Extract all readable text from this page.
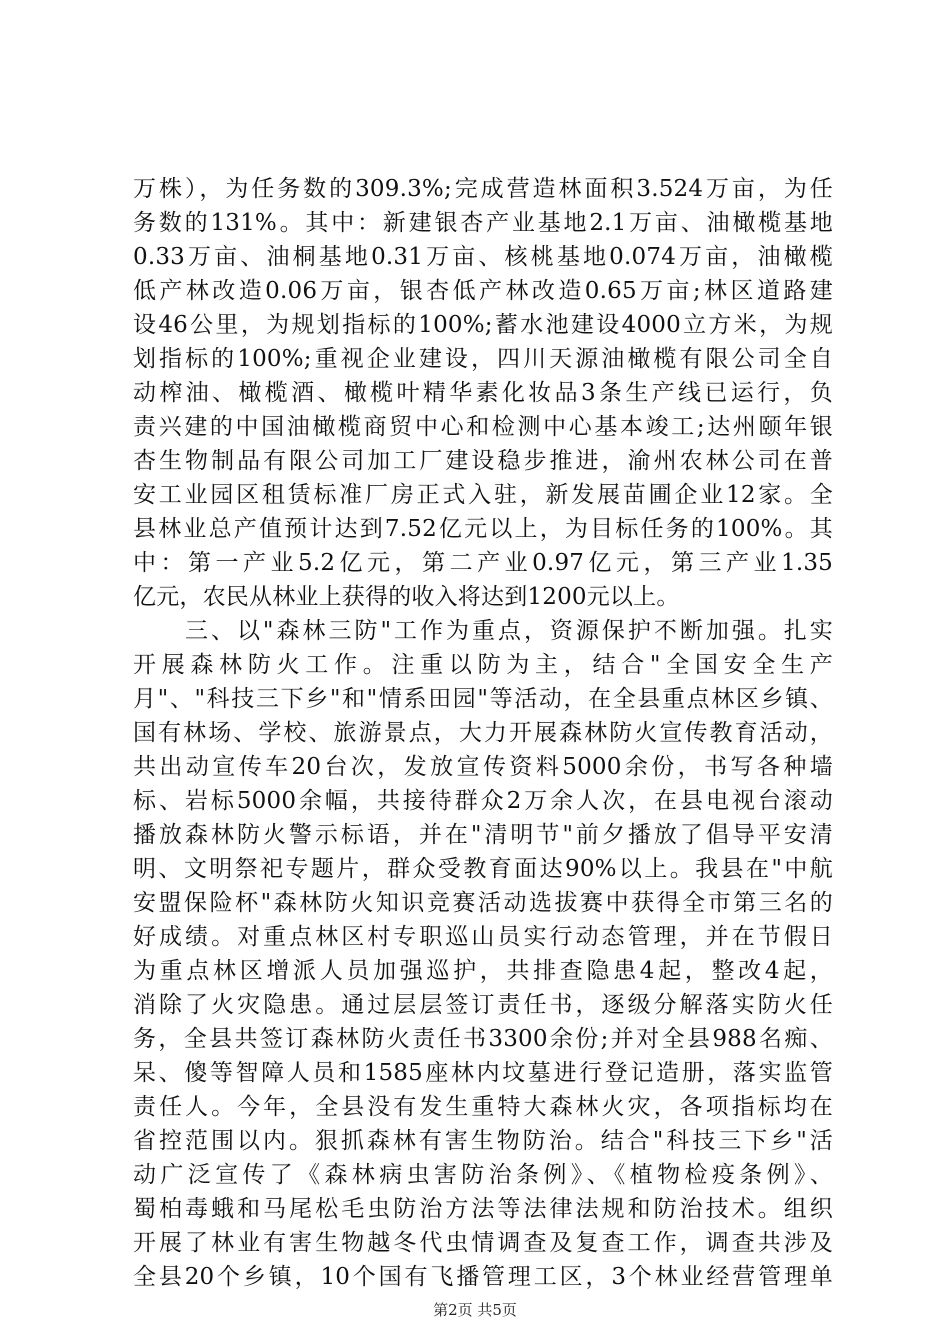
万株），为任务数的309.3%;完成营造林面积3.524万亩，为任
务数的131%。其中：新建银杏产业基地2.1万亩、油橄榄基地
0.33万亩、油桐基地0.31万亩、核桃基地0.074万亩，油橄榄
低产林改造0.06万亩，银杏低产林改造0.65万亩;林区道路建
设46公里，为规划指标的100%;蓄水池建设4000立方米，为规
划指标的100%;重视企业建设，四川天源油橄榄有限公司全自
动榨油、橄榄酒、橄榄叶精华素化妆品3条生产线已运行，负
责兴建的中国油橄榄商贸中心和检测中心基本竣工;达州颐年银
杏生物制品有限公司加工厂建设稳步推进，渝州农林公司在普
安工业园区租赁标准厂房正式入驻，新发展苗圃企业12家。全
县林业总产值预计达到7.52亿元以上，为目标任务的100%。其
中：第一产业5.2亿元，第二产业0.97亿元，第三产业1.35
亿元，农民从林业上获得的收入将达到1200元以上。
　　三、以"森林三防"工作为重点，资源保护不断加强。扎实
开展森林防火工作。注重以防为主，结合"全国安全生产
月"、"科技三下乡"和"情系田园"等活动，在全县重点林区乡镇、
国有林场、学校、旅游景点，大力开展森林防火宣传教育活动，
共出动宣传车20台次，发放宣传资料5000余份，书写各种墙
标、岩标5000余幅，共接待群众2万余人次，在县电视台滚动
播放森林防火警示标语，并在"清明节"前夕播放了倡导平安清
明、文明祭祀专题片，群众受教育面达90%以上。我县在"中航
安盟保险杯"森林防火知识竞赛活动选拔赛中获得全市第三名的
好成绩。对重点林区村专职巡山员实行动态管理，并在节假日
为重点林区增派人员加强巡护，共排查隐患4起，整改4起，
消除了火灾隐患。通过层层签订责任书，逐级分解落实防火任
务，全县共签订森林防火责任书3300余份;并对全县988名痴、
呆、傻等智障人员和1585座林内坟墓进行登记造册，落实监管
责任人。今年，全县没有发生重特大森林火灾，各项指标均在
省控范围以内。狠抓森林有害生物防治。结合"科技三下乡"活
动广泛宣传了《森林病虫害防治条例》、《植物检疫条例》、
蜀柏毒蛾和马尾松毛虫防治方法等法律法规和防治技术。组织
开展了林业有害生物越冬代虫情调查及复查工作，调查共涉及
全县20个乡镇，10个国有飞播管理工区，3个林业经营管理单
第2页 共5页
